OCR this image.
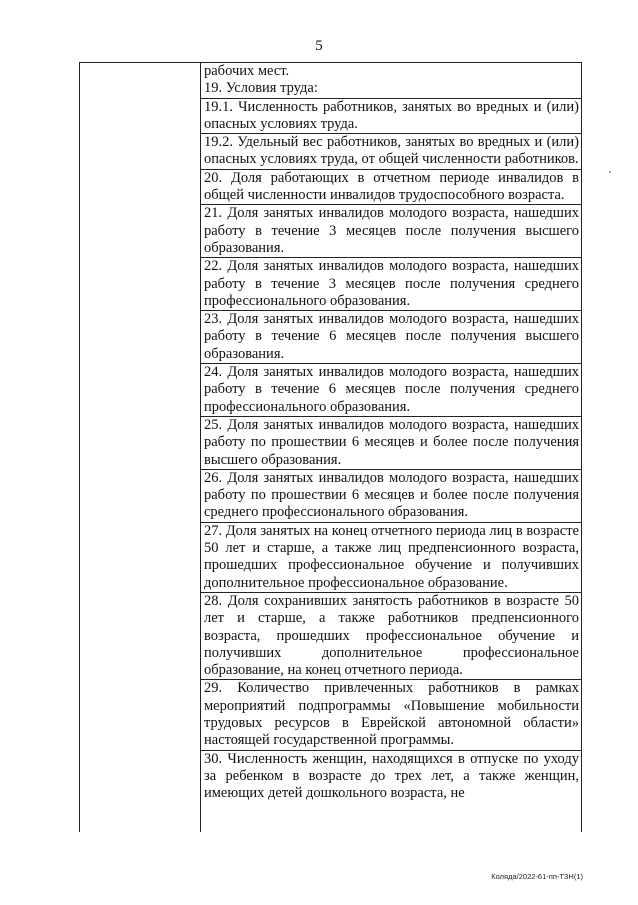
5

рабочих мест.

19. Условия труда:

19.1. Численность работников, занятых во вредных и (или) опасных условиях труда.

19.2. Удельный вес работников, занятых во вредных и (или) опасных условиях труда, от общей численности работников.

20. Доля работающих в отчетном периоде инвалидов в общей численности инвалидов трудоспособного возраста.

21. Доля занятых инвалидов молодого возраста, нашедших работу в течение 3 месяцев после получения высшего образования.

22. Доля занятых инвалидов молодого возраста, нашедших работу в течение 3 месяцев после получения среднего профессионального образования.

23. Доля занятых инвалидов молодого возраста, нашедших работу в течение 6 месяцев после получения высшего образования.

24. Доля занятых инвалидов молодого возраста, нашедших работу в течение 6 месяцев после получения среднего профессионального образования.

25. Доля занятых инвалидов молодого возраста, нашедших работу по прошествии 6 месяцев и более после получения высшего образования.

26. Доля занятых инвалидов молодого возраста, нашедших работу по прошествии 6 месяцев и более после получения среднего профессионального образования.

27. Доля занятых на конец отчетного периода лиц в возрасте 50 лет и старше, а также лиц предпенсионного возраста, прошедших профессиональное обучение и получивших дополнительное профессиональное образование.

28. Доля сохранивших занятость работников в возрасте 50 лет и старше, а также работников предпенсионного возраста, прошедших профессиональное обучение и получивших дополнительное профессиональное образование, на конец отчетного периода.

29. Количество привлеченных работников в рамках мероприятий подпрограммы «Повышение мобильности трудовых ресурсов в Еврейской автономной области» настоящей государственной программы.

30. Численность женщин, находящихся в отпуске по уходу за ребенком в возрасте до трех лет, а также женщин, имеющих детей дошкольного возраста, не

Коляда/2022-61-пп-ТЗН(1)
